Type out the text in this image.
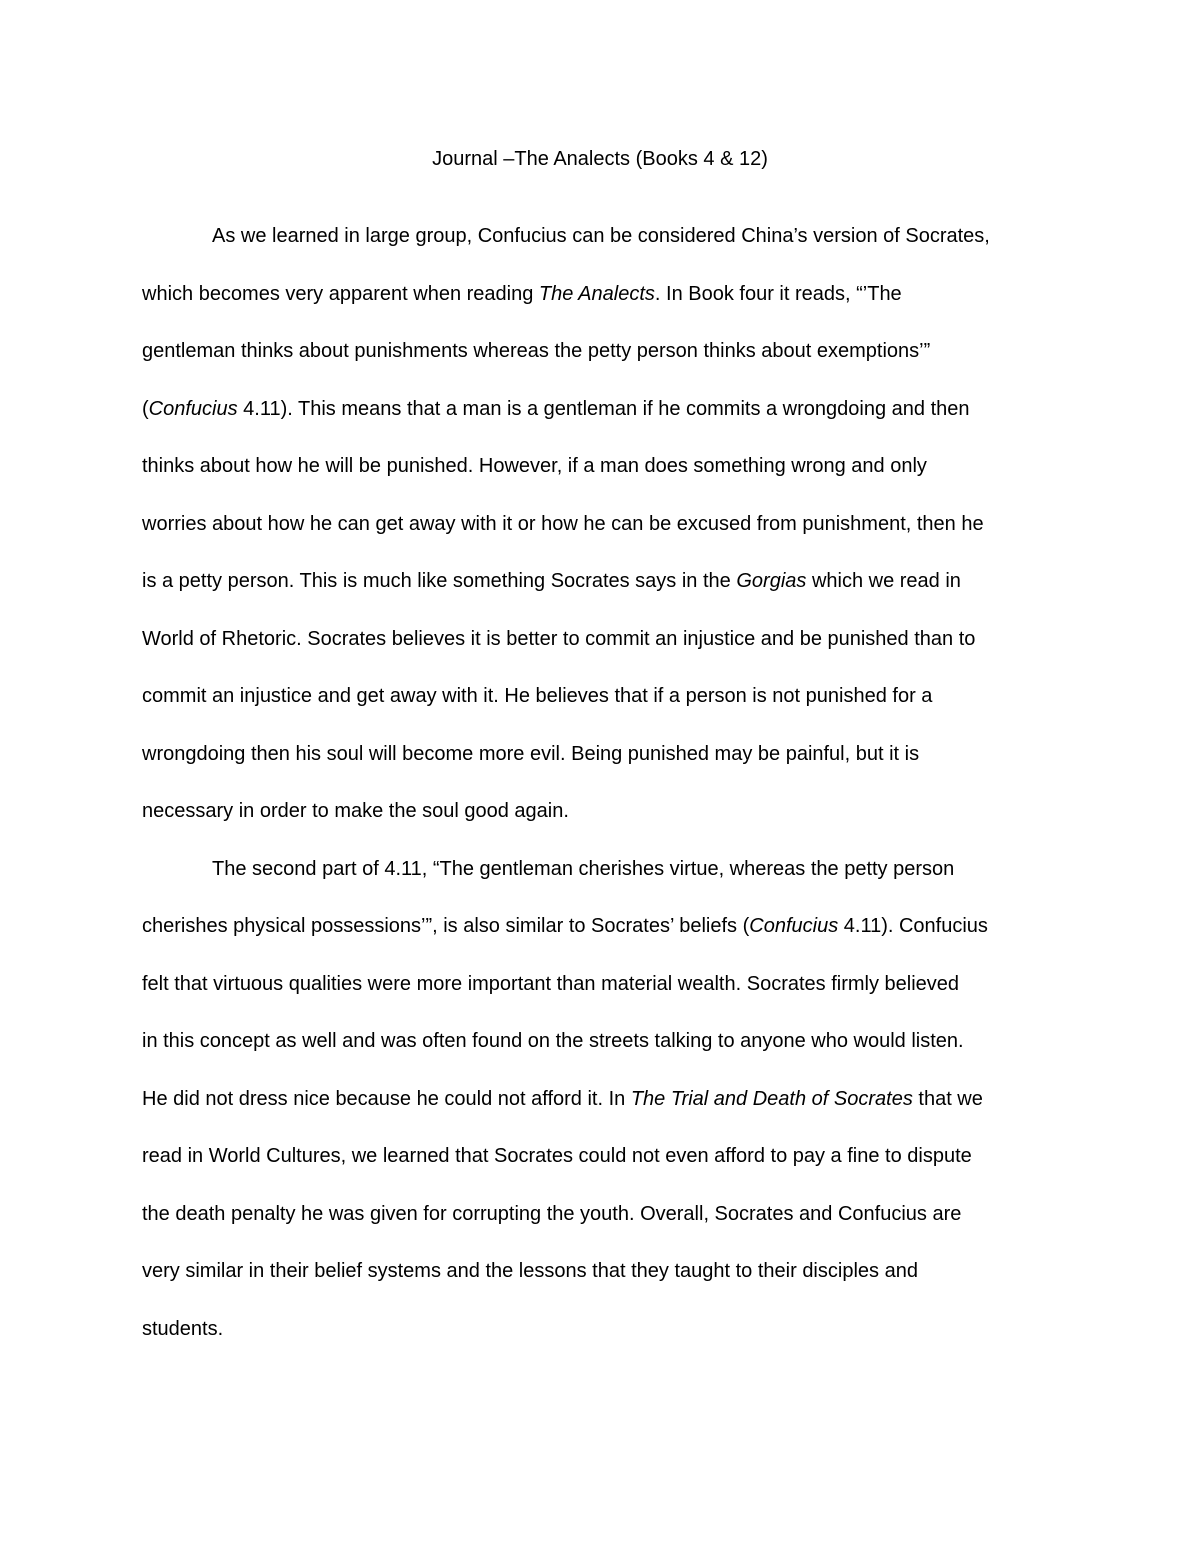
Journal –The Analects (Books 4 & 12)
As we learned in large group, Confucius can be considered China’s version of Socrates,
which becomes very apparent when reading The Analects. In Book four it reads, “’The
gentleman thinks about punishments whereas the petty person thinks about exemptions’”
(Confucius 4.11). This means that a man is a gentleman if he commits a wrongdoing and then
thinks about how he will be punished. However, if a man does something wrong and only
worries about how he can get away with it or how he can be excused from punishment, then he
is a petty person. This is much like something Socrates says in the Gorgias which we read in
World of Rhetoric. Socrates believes it is better to commit an injustice and be punished than to
commit an injustice and get away with it. He believes that if a person is not punished for a
wrongdoing then his soul will become more evil. Being punished may be painful, but it is
necessary in order to make the soul good again.
The second part of 4.11, “The gentleman cherishes virtue, whereas the petty person
cherishes physical possessions’”, is also similar to Socrates’ beliefs (Confucius 4.11). Confucius
felt that virtuous qualities were more important than material wealth. Socrates firmly believed
in this concept as well and was often found on the streets talking to anyone who would listen.
He did not dress nice because he could not afford it. In The Trial and Death of Socrates that we
read in World Cultures, we learned that Socrates could not even afford to pay a fine to dispute
the death penalty he was given for corrupting the youth. Overall, Socrates and Confucius are
very similar in their belief systems and the lessons that they taught to their disciples and
students.
